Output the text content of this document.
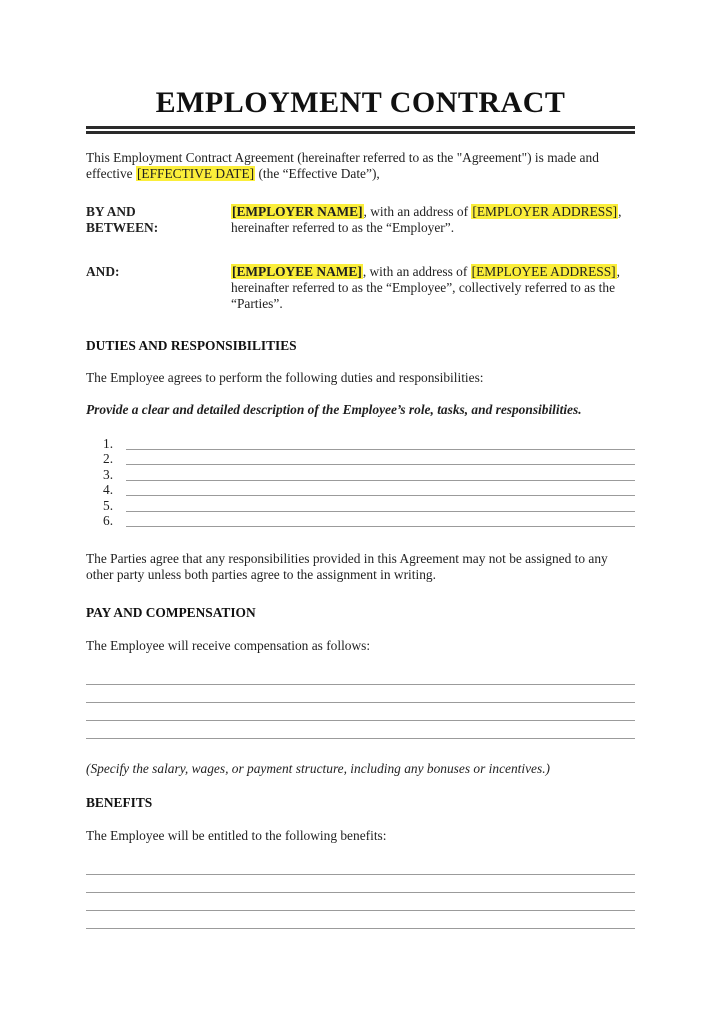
EMPLOYMENT CONTRACT

This Employment Contract Agreement (hereinafter referred to as the "Agreement") is made and effective [EFFECTIVE DATE] (the “Effective Date”),

BY AND BETWEEN:
[EMPLOYER NAME], with an address of [EMPLOYER ADDRESS], hereinafter referred to as the “Employer”.
AND:	[EMPLOYEE NAME], with an address of [EMPLOYEE ADDRESS], hereinafter referred to as the “Employee”, collectively referred to as the “Parties”.
DUTIES AND RESPONSIBILITIES

The Employee agrees to perform the following duties and responsibilities:

Provide a clear and detailed description of the Employee’s role, tasks, and responsibilities.

1.
2.
3.
4.
5.
6.

The Parties agree that any responsibilities provided in this Agreement may not be assigned to any other party unless both parties agree to the assignment in writing.

PAY AND COMPENSATION

The Employee will receive compensation as follows:

(Specify the salary, wages, or payment structure, including any bonuses or incentives.)

BENEFITS

The Employee will be entitled to the following benefits:
